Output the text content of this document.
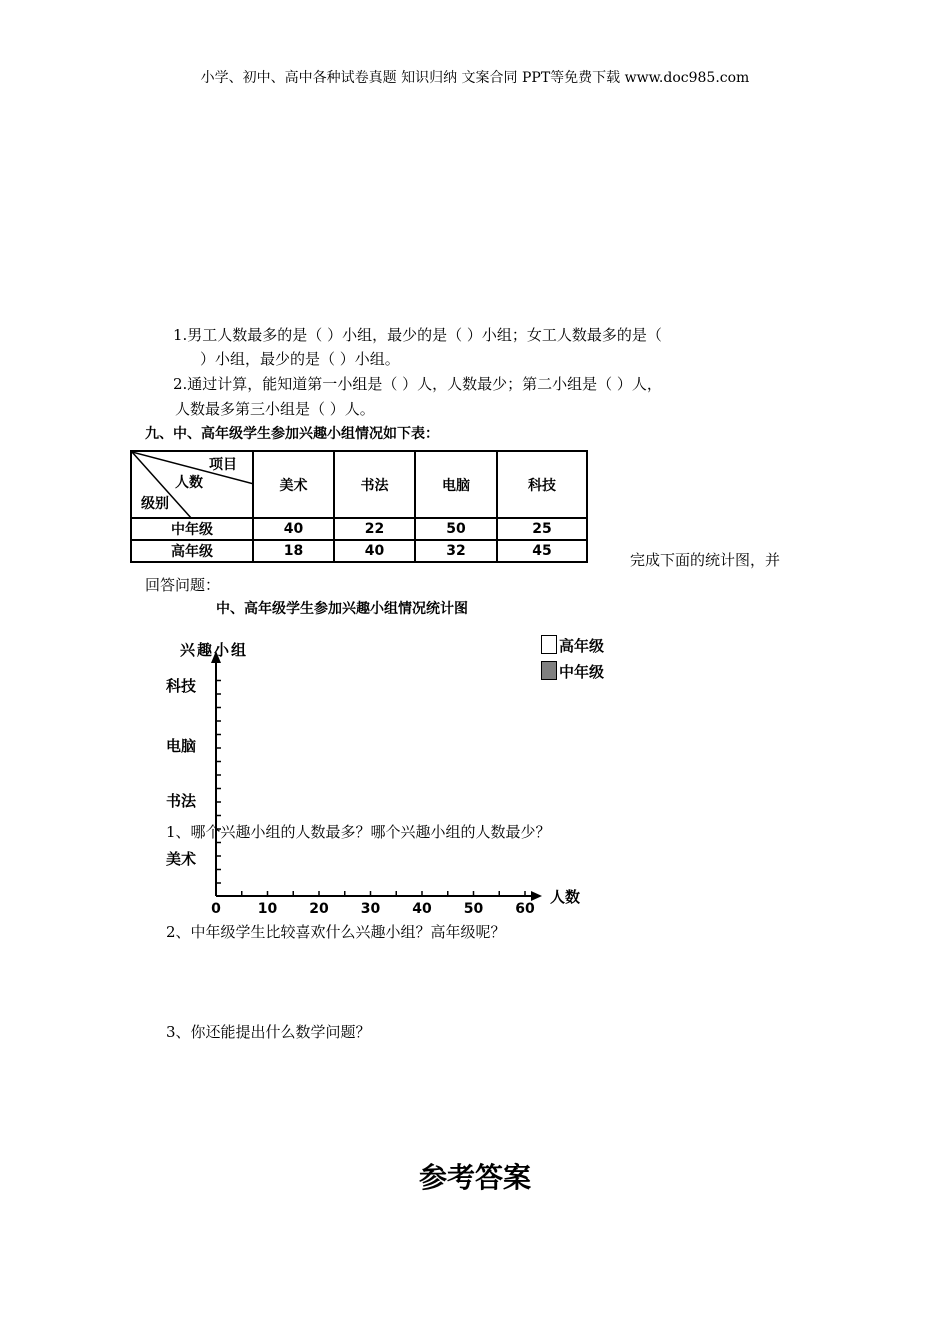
小学、初中、高中各种试卷真题 知识归纳 文案合同 PPT等免费下载 www.doc985.com
1.男工人数最多的是（ ）小组，最少的是（ ）小组；女工人数最多的是（
）小组，最少的是（ ）小组。
2.通过计算，能知道第一小组是（ ）人，人数最少；第二小组是（ ）人，
人数最多第三小组是（ ）人。
九、中、高年级学生参加兴趣小组情况如下表：
项目
人数
级别	美术	书法	电脑	科技
中年级	40	22	50	25
高年级	18	40	32	45	完成下面的统计图，并
回答问题：
中、高年级学生参加兴趣小组情况统计图
兴趣小组
美术
书法
电脑
科技
0	10 20 30 40 50 60
人数
高年级
中年级
1、哪个兴趣小组的人数最多？哪个兴趣小组的人数最少？
2、中年级学生比较喜欢什么兴趣小组？高年级呢？
3、你还能提出什么数学问题？
参考答案
